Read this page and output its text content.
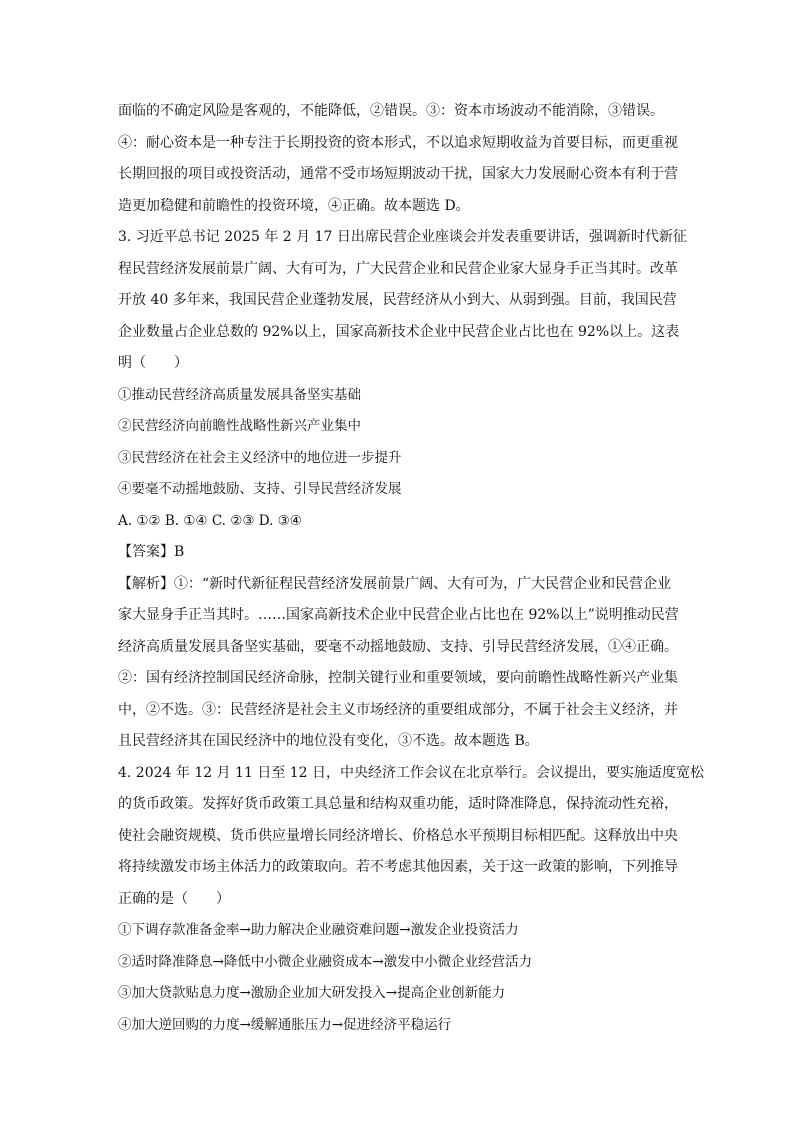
面临的不确定风险是客观的，不能降低，②错误。③：资本市场波动不能消除，③错误。
④：耐心资本是一种专注于长期投资的资本形式，不以追求短期收益为首要目标，而更重视
长期回报的项目或投资活动，通常不受市场短期波动干扰，国家大力发展耐心资本有利于营
造更加稳健和前瞻性的投资环境，④正确。故本题选 D。
3. 习近平总书记 2025 年 2 月 17 日出席民营企业座谈会并发表重要讲话，强调新时代新征
程民营经济发展前景广阔、大有可为，广大民营企业和民营企业家大显身手正当其时。改革
开放 40 多年来，我国民营企业蓬勃发展，民营经济从小到大、从弱到强。目前，我国民营
企业数量占企业总数的 92%以上，国家高新技术企业中民营企业占比也在 92%以上。这表
明（　　）
①推动民营经济高质量发展具备坚实基础
②民营经济向前瞻性战略性新兴产业集中
③民营经济在社会主义经济中的地位进一步提升
④要毫不动摇地鼓励、支持、引导民营经济发展
A. ①② B. ①④ C. ②③ D. ③④
【答案】B
【解析】①：“新时代新征程民营经济发展前景广阔、大有可为，广大民营企业和民营企业
家大显身手正当其时。……国家高新技术企业中民营企业占比也在 92%以上”说明推动民营
经济高质量发展具备坚实基础，要毫不动摇地鼓励、支持、引导民营经济发展，①④正确。
②：国有经济控制国民经济命脉，控制关键行业和重要领域，要向前瞻性战略性新兴产业集
中，②不选。③：民营经济是社会主义市场经济的重要组成部分，不属于社会主义经济，并
且民营经济其在国民经济中的地位没有变化，③不选。故本题选 B。
4. 2024 年 12 月 11 日至 12 日，中央经济工作会议在北京举行。会议提出，要实施适度宽松
的货币政策。发挥好货币政策工具总量和结构双重功能，适时降准降息，保持流动性充裕，
使社会融资规模、货币供应量增长同经济增长、价格总水平预期目标相匹配。这释放出中央
将持续激发市场主体活力的政策取向。若不考虑其他因素，关于这一政策的影响，下列推导
正确的是（　　）
①下调存款准备金率→助力解决企业融资难问题→激发企业投资活力
②适时降准降息→降低中小微企业融资成本→激发中小微企业经营活力
③加大贷款贴息力度→激励企业加大研发投入→提高企业创新能力
④加大逆回购的力度→缓解通胀压力→促进经济平稳运行
